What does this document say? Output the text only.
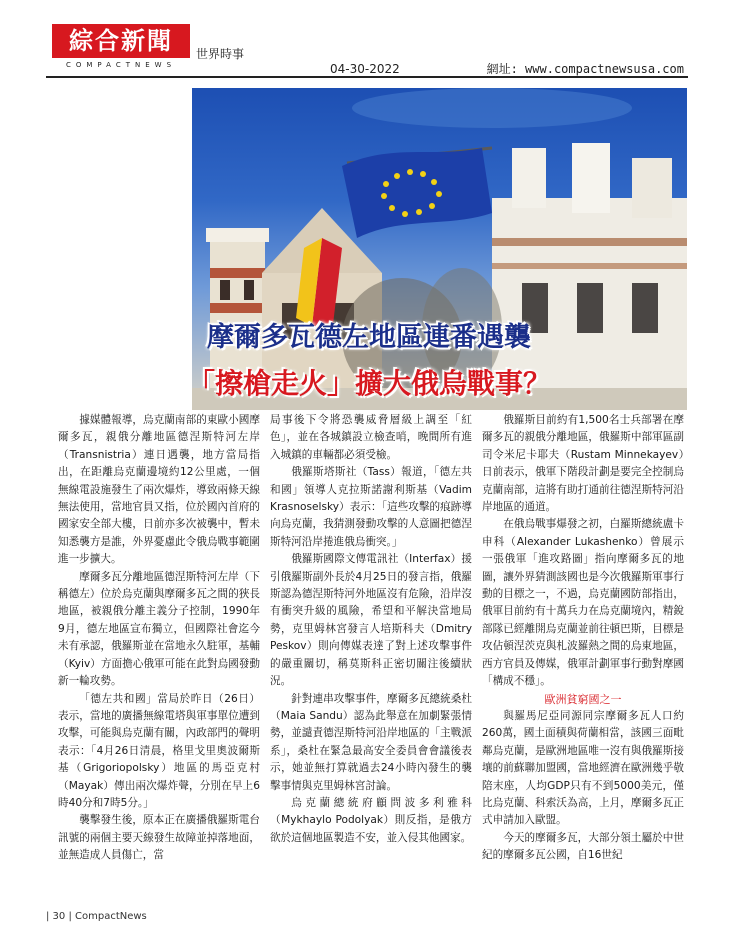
綜合新聞
COMPACTNEWS
世界時事
04-30-2022	網址: www.compactnewsusa.com
摩爾多瓦德左地區連番遇襲
「擦槍走火」擴大俄烏戰事？

據媒體報導，烏克蘭南部的東歐小國摩爾多瓦，親俄分離地區德涅斯特河左岸（Transnistria）連日遇襲，地方當局指出，在距離烏克蘭邊境約12公里處，一個無線電設施發生了兩次爆炸，導致兩條天線無法使用，當地官員又指，位於國內首府的國家安全部大樓，日前亦多次被襲中，暫未知悉襲方是誰，外界憂慮此令俄烏戰事範圍進一步擴大。

摩爾多瓦分離地區德涅斯特河左岸（下稱德左）位於烏克蘭與摩爾多瓦之間的狹長地區，被親俄分離主義分子控制，1990年9月，德左地區宣布獨立，但國際社會迄今未有承認，俄羅斯並在當地永久駐軍，基輔（Kyiv）方面擔心俄軍可能在此對烏國發動新一輪攻勢。

「德左共和國」當局於昨日（26日）表示，當地的廣播無線電塔與軍事單位遭到攻擊，可能與烏克蘭有關，內政部門的聲明表示：「4月26日清晨，格里戈里奧波爾斯基（Grigoriopolsky）地區的馬亞克村（Mayak）傳出兩次爆炸聲，分別在早上6時40分和7時5分。」

襲擊發生後，原本正在廣播俄羅斯電台訊號的兩個主要天線發生故障並掉落地面，並無造成人員傷亡，當

局事後下令將恐襲威脅層級上調至「紅色」，並在各城鎮設立檢查哨，晚間所有進入城鎮的車輛都必須受檢。

俄羅斯塔斯社（Tass）報道，「德左共和國」領導人克拉斯諾謝利斯基（Vadim Krasnoselsky）表示：「這些攻擊的痕跡導向烏克蘭，我猜測發動攻擊的人意圖把德涅斯特河沿岸捲進俄烏衝突。」

俄羅斯國際文傳電訊社（Interfax）援引俄羅斯副外長於4月25日的發言指，俄羅斯認為德涅斯特河外地區沒有危險，沿岸沒有衝突升級的風險，希望和平解決當地局勢，克里姆林宮發言人培斯科夫（Dmitry Peskov）則向傳媒表達了對上述攻擊事件的嚴重關切，稱莫斯科正密切關注後續狀況。

針對連串攻擊事件，摩爾多瓦總統桑杜（Maia Sandu）認為此舉意在加劇緊張情勢，並譴責德涅斯特河沿岸地區的「主戰派系」，桑杜在緊急最高安全委員會會議後表示，她並無打算就過去24小時內發生的襲擊事情與克里姆林宮討論。

烏克蘭總統府顧問波多利雅科（Mykhaylo Podolyak）則反指，是俄方欲於這個地區製造不安，並入侵其他國家。

俄羅斯目前約有1,500名士兵部署在摩爾多瓦的親俄分離地區，俄羅斯中部軍區副司令米尼卡耶夫（Rustam Minnekayev）日前表示，俄軍下階段計劃是要完全控制烏克蘭南部，這將有助打通前往德涅斯特河沿岸地區的通道。

在俄烏戰事爆發之初，白羅斯總統盧卡申科（Alexander Lukashenko）曾展示一張俄軍「進攻路圖」指向摩爾多瓦的地圖，讓外界猜測該國也是今次俄羅斯軍事行動的目標之一，不過，烏克蘭國防部指出，俄軍目前約有十萬兵力在烏克蘭境內，精銳部隊已經離開烏克蘭並前往頓巴斯，目標是攻佔頓涅茨克與札波羅熱之間的烏東地區，西方官員及傳媒，俄軍計劃軍事行動對摩國「構成不穩」。

歐洲貧窮國之一

與羅馬尼亞同源同宗摩爾多瓦人口約260萬，國土面積與荷蘭相當，該國三面毗鄰烏克蘭，是歐洲地區唯一沒有與俄羅斯接壤的前蘇聯加盟國，當地經濟在歐洲幾乎敬陪末座，人均GDP只有不到5000美元，僅比烏克蘭、科索沃為高，上月，摩爾多瓦正式申請加入歐盟。

今天的摩爾多瓦，大部分領土屬於中世紀的摩爾多瓦公國，自16世紀

| 30 | CompactNews
